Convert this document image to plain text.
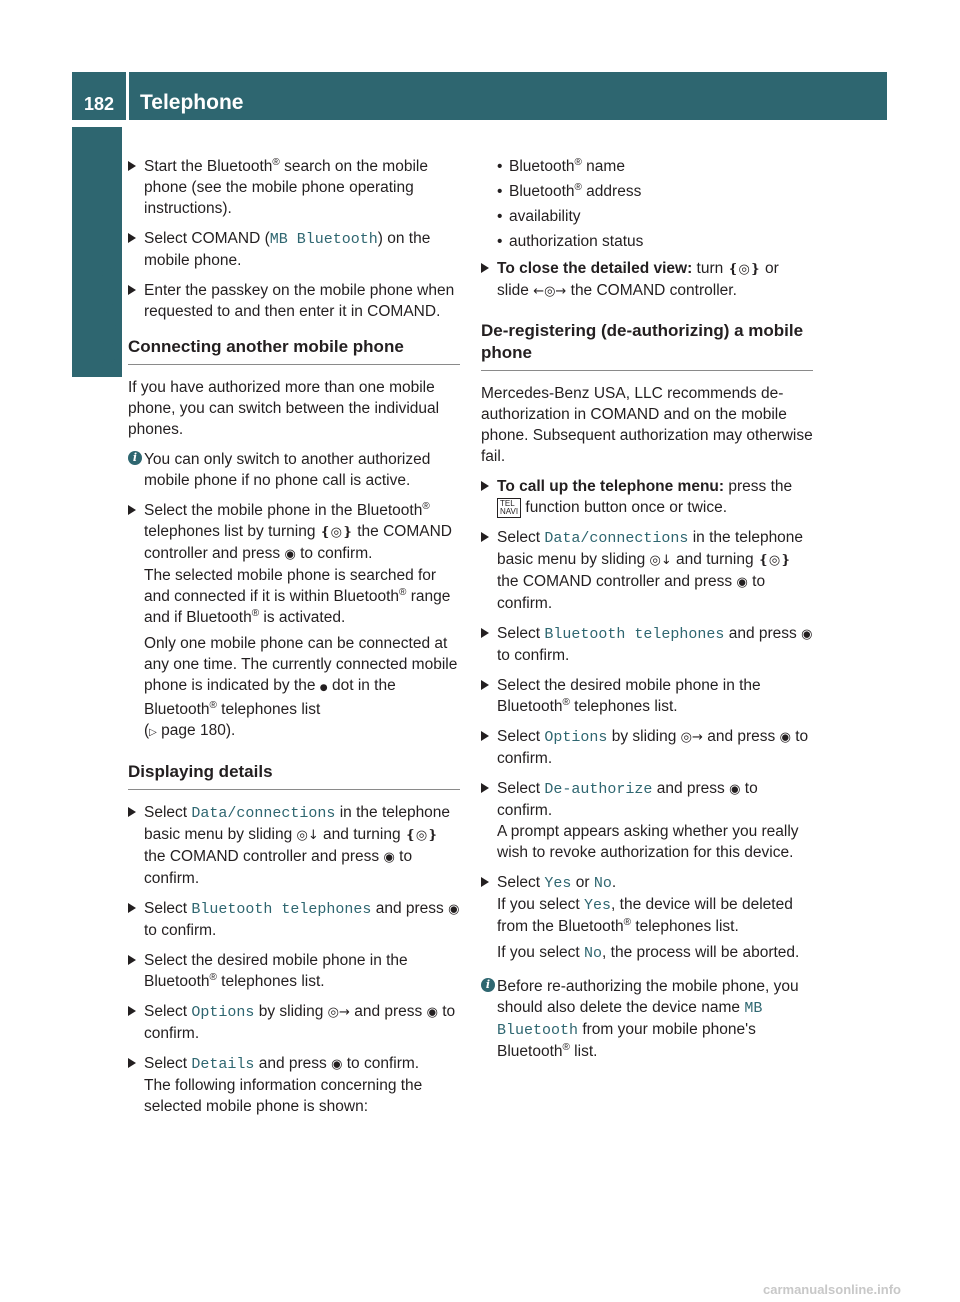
182 Telephone
COMAND
Start the Bluetooth® search on the mobile phone (see the mobile phone operating instructions).
Select COMAND (MB Bluetooth) on the mobile phone.
Enter the passkey on the mobile phone when requested to and then enter it in COMAND.
Connecting another mobile phone
If you have authorized more than one mobile phone, you can switch between the individual phones.
i You can only switch to another authorized mobile phone if no phone call is active.
Select the mobile phone in the Bluetooth® telephones list by turning ❴◎❵ the COMAND controller and press ◉ to confirm.
The selected mobile phone is searched for and connected if it is within Bluetooth® range and if Bluetooth® is activated.
Only one mobile phone can be connected at any one time. The currently connected mobile phone is indicated by the ● dot in the Bluetooth® telephones list
(▷ page 180).
Displaying details
Select Data/connections in the telephone basic menu by sliding ◎↓ and turning ❴◎❵ the COMAND controller and press ◉ to confirm.
Select Bluetooth telephones and press ◉ to confirm.
Select the desired mobile phone in the Bluetooth® telephones list.
Select Options by sliding ◎→ and press ◉ to confirm.
Select Details and press ◉ to confirm.
The following information concerning the selected mobile phone is shown:
• Bluetooth® name
• Bluetooth® address
• availability
• authorization status
To close the detailed view: turn ❴◎❵ or slide ←◎→ the COMAND controller.
De-registering (de-authorizing) a mobile phone
Mercedes-Benz USA, LLC recommends de-authorization in COMAND and on the mobile phone. Subsequent authorization may otherwise fail.
To call up the telephone menu: press the TEL
NAVI function button once or twice.
Select Data/connections in the telephone basic menu by sliding ◎↓ and turning ❴◎❵ the COMAND controller and press ◉ to confirm.
Select Bluetooth telephones and press ◉ to confirm.
Select the desired mobile phone in the Bluetooth® telephones list.
Select Options by sliding ◎→ and press ◉ to confirm.
Select De-authorize and press ◉ to confirm.
A prompt appears asking whether you really wish to revoke authorization for this device.
Select Yes or No.
If you select Yes, the device will be deleted from the Bluetooth® telephones list.
If you select No, the process will be aborted.
i Before re-authorizing the mobile phone, you should also delete the device name MB Bluetooth from your mobile phone's Bluetooth® list.
carmanualsonline.info
